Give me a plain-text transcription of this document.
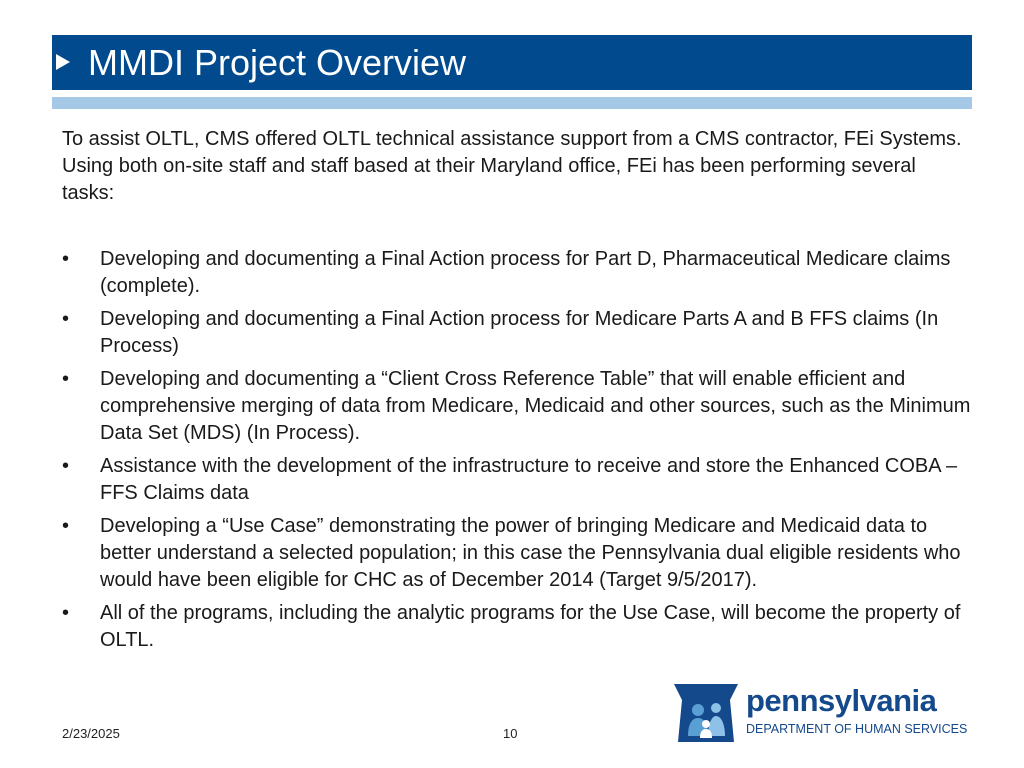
MMDI Project Overview

To assist OLTL, CMS offered OLTL technical assistance support from a CMS contractor, FEi Systems. Using both on-site staff and staff based at their Maryland office, FEi has been performing several tasks:

• Developing and documenting a Final Action process for Part D, Pharmaceutical Medicare claims (complete).
• Developing and documenting a Final Action process for Medicare Parts A and B FFS claims (In Process)
• Developing and documenting a “Client Cross Reference Table” that will enable efficient and comprehensive merging of data from Medicare, Medicaid and other sources, such as the Minimum Data Set (MDS) (In Process).
• Assistance with the development of the infrastructure to receive and store the Enhanced COBA – FFS Claims data
• Developing a “Use Case” demonstrating the power of bringing Medicare and Medicaid data to better understand a selected population; in this case the Pennsylvania dual eligible residents who would have been eligible for CHC as of December 2014 (Target 9/5/2017).
• All of the programs, including the analytic programs for the Use Case, will become the property of OLTL.
2/23/2025	10
pennsylvania
DEPARTMENT OF HUMAN SERVICES
